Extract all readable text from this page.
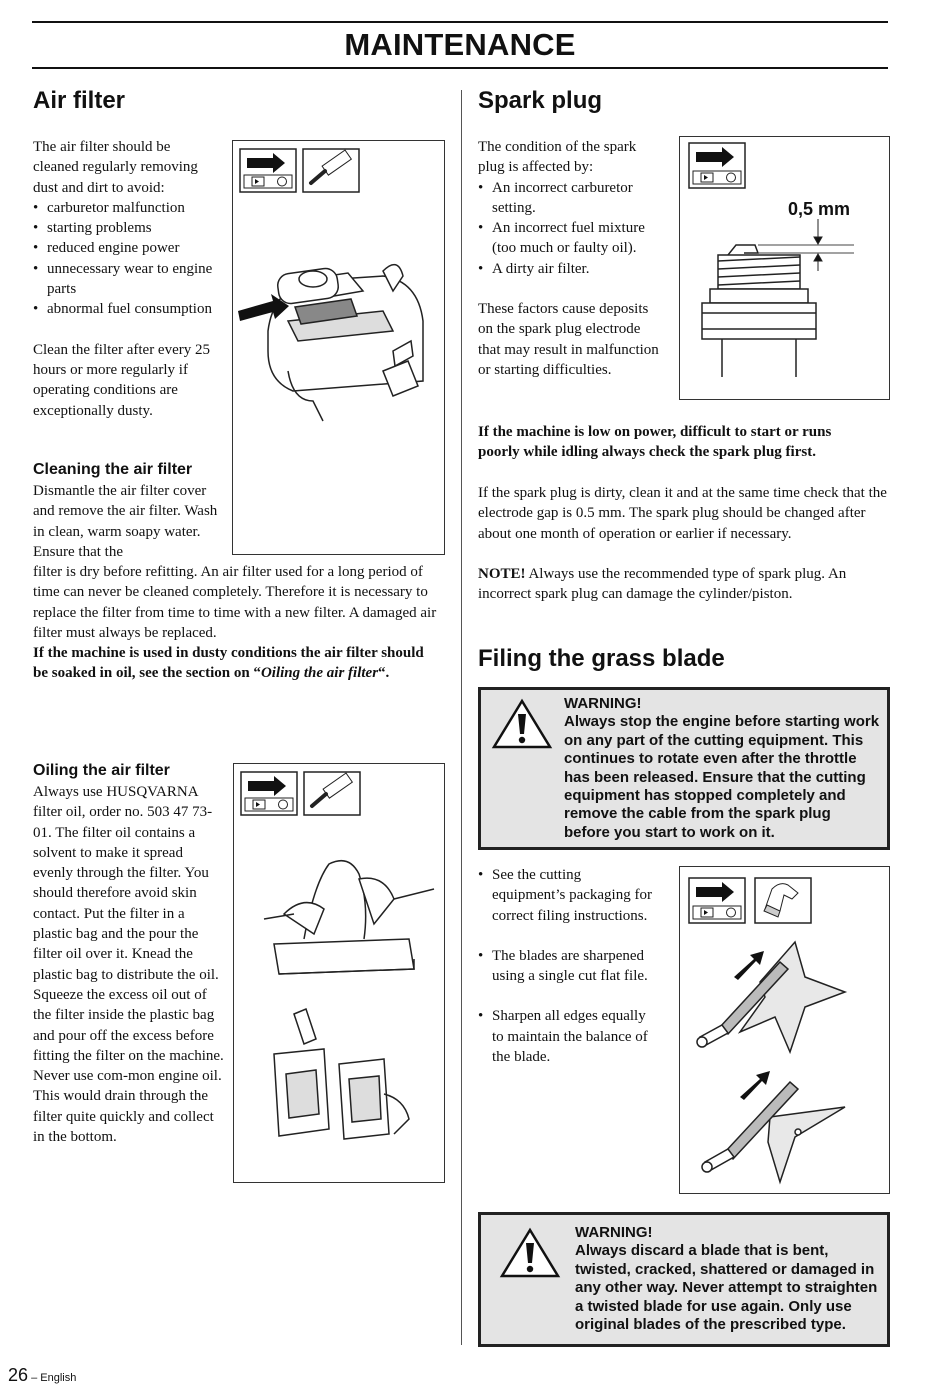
MAINTENANCE
Air filter

The air filter should be cleaned regularly removing dust and dirt to avoid:

• carburetor malfunction
• starting problems
• reduced engine power
• unnecessary wear to engine parts
• abnormal fuel consumption

Clean the filter after every 25 hours or more regularly if operating conditions are exceptionally dusty.

Cleaning the air filter
Dismantle the air filter cover and remove the air filter. Wash in clean, warm soapy water. Ensure that the
filter is dry before refitting. An air filter used for a long period of time can never be cleaned completely. Therefore it is necessary to replace the filter from time to time with a new filter. A damaged air filter must always be replaced.
If the machine is used in dusty conditions the air filter should be soaked in oil, see the section on “Oiling the air filter“.
Oiling the air filter
Always use HUSQVARNA filter oil, order no. 503 47 73-01. The filter oil contains a solvent to make it spread evenly through the filter. You should therefore avoid skin contact. Put the filter in a plastic bag and the pour the filter oil over it. Knead the plastic bag to distribute the oil. Squeeze the excess oil out of the filter inside the plastic bag and pour off the excess before fitting the filter on the machine. Never use com-mon engine oil. This would drain through the filter quite quickly and collect in the bottom.
Spark plug

The condition of the spark plug is affected by:

• An incorrect carburetor setting.
• An incorrect fuel mixture (too much or faulty oil).
• A dirty air filter.

These factors cause deposits on the spark plug electrode that may result in malfunction or starting difficulties.

0,5 mm
If the machine is low on power, difficult to start or runs poorly while idling always check the spark plug first.
If the spark plug is dirty, clean it and at the same time check that the electrode gap is 0.5 mm. The spark plug should be changed after about one month of operation or earlier if necessary.
NOTE! Always use the recommended type of spark plug. An incorrect spark plug can damage the cylinder/piston.
Filing the grass blade
WARNING!
Always stop the engine before starting work on any part of the cutting equipment. This continues to rotate even after the throttle has been released. Ensure that the cutting equipment has stopped completely and remove the cable from the spark plug before you start to work on it.
• See the cutting equipment’s packaging for correct filing instructions.
• The blades are sharpened using a single cut flat file.
• Sharpen all edges equally to maintain the balance of the blade.
WARNING!
Always discard a blade that is bent, twisted, cracked, shattered or damaged in any other way. Never attempt to straighten a twisted blade for use again. Only use original blades of the prescribed type.
26 – English
